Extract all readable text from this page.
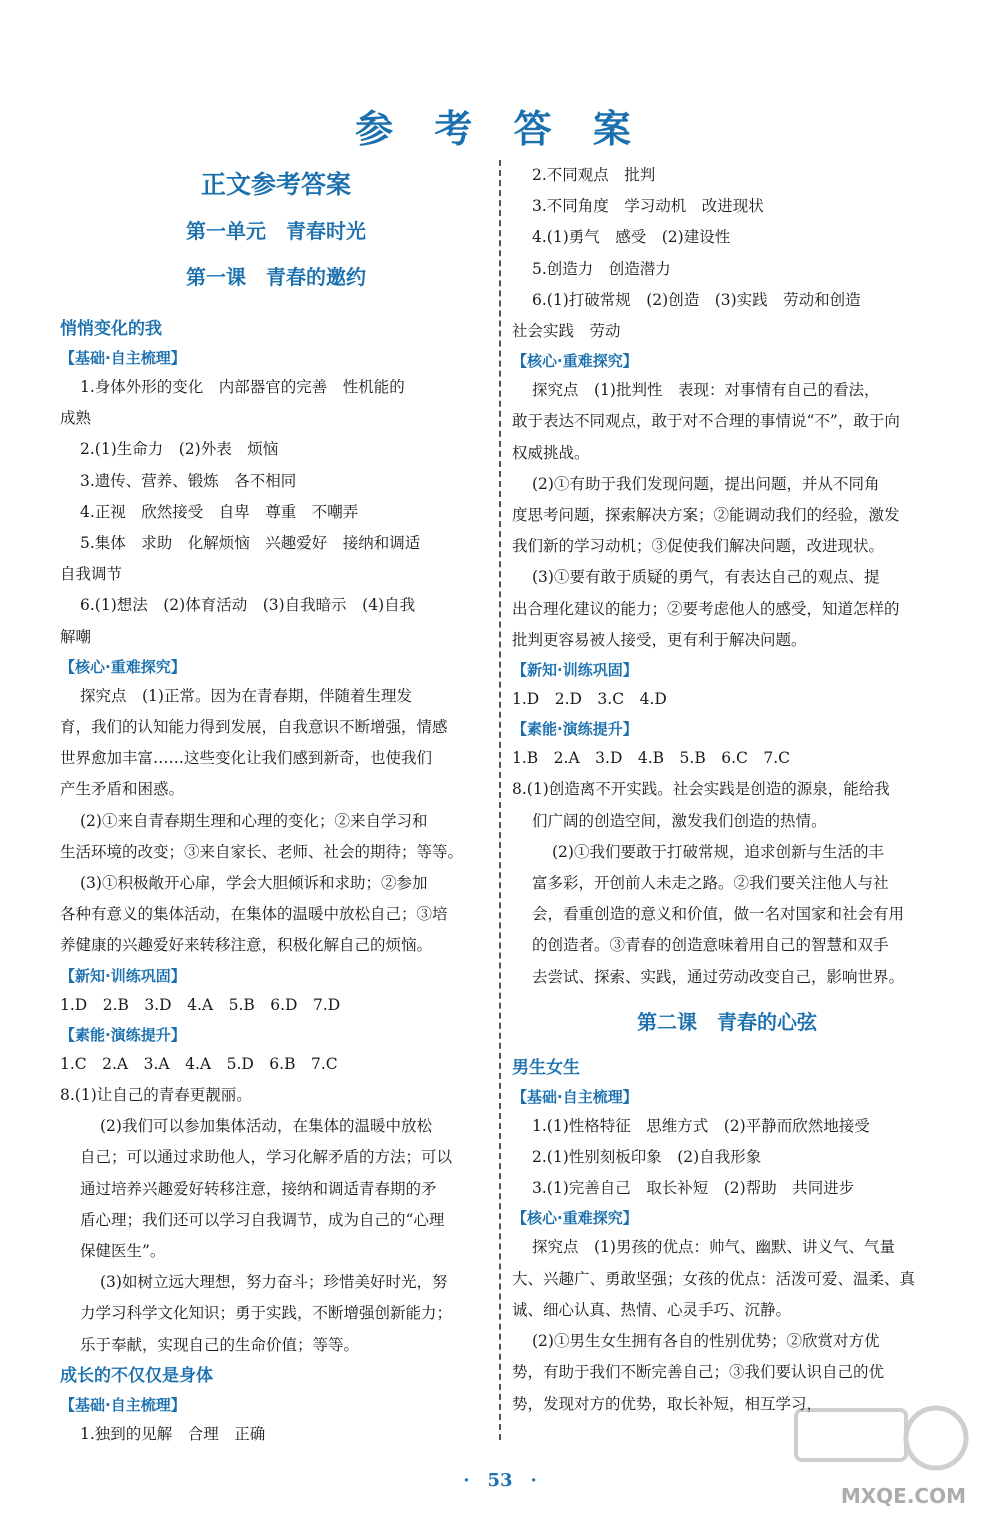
参 考 答 案
正文参考答案
第一单元　青春时光
第一课　青春的邀约
悄悄变化的我
【基础·自主梳理】
1.身体外形的变化　内部器官的完善　性机能的
成熟
2.(1)生命力　(2)外表　烦恼
3.遗传、营养、锻炼　各不相同
4.正视　欣然接受　自卑　尊重　不嘲弄
5.集体　求助　化解烦恼　兴趣爱好　接纳和调适
自我调节
6.(1)想法　(2)体育活动　(3)自我暗示　(4)自我
解嘲
【核心·重难探究】
探究点　(1)正常。因为在青春期，伴随着生理发
育，我们的认知能力得到发展，自我意识不断增强，情感
世界愈加丰富……这些变化让我们感到新奇，也使我们
产生矛盾和困惑。
(2)①来自青春期生理和心理的变化；②来自学习和
生活环境的改变；③来自家长、老师、社会的期待；等等。
(3)①积极敞开心扉，学会大胆倾诉和求助；②参加
各种有意义的集体活动，在集体的温暖中放松自己；③培
养健康的兴趣爱好来转移注意，积极化解自己的烦恼。
【新知·训练巩固】
1.D　2.B　3.D　4.A　5.B　6.D　7.D
【素能·演练提升】
1.C　2.A　3.A　4.A　5.D　6.B　7.C
8.(1)让自己的青春更靓丽。
(2)我们可以参加集体活动，在集体的温暖中放松
自己；可以通过求助他人，学习化解矛盾的方法；可以
通过培养兴趣爱好转移注意，接纳和调适青春期的矛
盾心理；我们还可以学习自我调节，成为自己的“心理
保健医生”。
(3)如树立远大理想，努力奋斗；珍惜美好时光，努
力学习科学文化知识；勇于实践，不断增强创新能力；
乐于奉献，实现自己的生命价值；等等。
成长的不仅仅是身体
【基础·自主梳理】
1.独到的见解　合理　正确
2.不同观点　批判
3.不同角度　学习动机　改进现状
4.(1)勇气　感受　(2)建设性
5.创造力　创造潜力
6.(1)打破常规　(2)创造　(3)实践　劳动和创造
社会实践　劳动
【核心·重难探究】
探究点　(1)批判性　表现：对事情有自己的看法，
敢于表达不同观点，敢于对不合理的事情说“不”，敢于向
权威挑战。
(2)①有助于我们发现问题，提出问题，并从不同角
度思考问题，探索解决方案；②能调动我们的经验，激发
我们新的学习动机；③促使我们解决问题，改进现状。
(3)①要有敢于质疑的勇气，有表达自己的观点、提
出合理化建议的能力；②要考虑他人的感受，知道怎样的
批判更容易被人接受，更有利于解决问题。
【新知·训练巩固】
1.D　2.D　3.C　4.D
【素能·演练提升】
1.B　2.A　3.D　4.B　5.B　6.C　7.C
8.(1)创造离不开实践。社会实践是创造的源泉，能给我
们广阔的创造空间，激发我们创造的热情。
(2)①我们要敢于打破常规，追求创新与生活的丰
富多彩，开创前人未走之路。②我们要关注他人与社
会，看重创造的意义和价值，做一名对国家和社会有用
的创造者。③青春的创造意味着用自己的智慧和双手
去尝试、探索、实践，通过劳动改变自己，影响世界。
第二课　青春的心弦
男生女生
【基础·自主梳理】
1.(1)性格特征　思维方式　(2)平静而欣然地接受
2.(1)性别刻板印象　(2)自我形象
3.(1)完善自己　取长补短　(2)帮助　共同进步
【核心·重难探究】
探究点　(1)男孩的优点：帅气、幽默、讲义气、气量
大、兴趣广、勇敢坚强；女孩的优点：活泼可爱、温柔、真
诚、细心认真、热情、心灵手巧、沉静。
(2)①男生女生拥有各自的性别优势；②欣赏对方优
势，有助于我们不断完善自己；③我们要认识自己的优
势，发现对方的优势，取长补短，相互学习，
·　53　·
MXQE.COM
